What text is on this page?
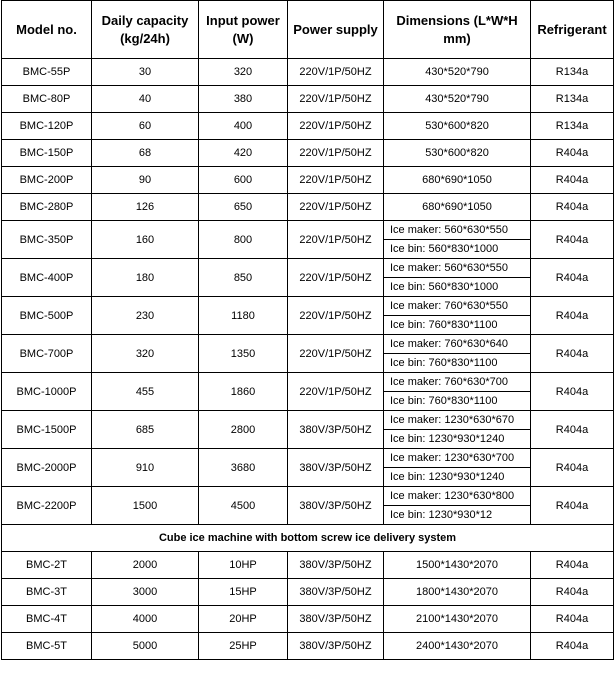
Model no.	Daily capacity (kg/24h)	Input power (W)	Power supply	Dimensions (L*W*H mm)	Refrigerant
BMC-55P	30	320	220V/1P/50HZ	430*520*790	R134a
BMC-80P	40	380	220V/1P/50HZ	430*520*790	R134a
BMC-120P	60	400	220V/1P/50HZ	530*600*820	R134a
BMC-150P	68	420	220V/1P/50HZ	530*600*820	R404a
BMC-200P	90	600	220V/1P/50HZ	680*690*1050	R404a
BMC-280P	126	650	220V/1P/50HZ	680*690*1050	R404a
BMC-350P	160	800	220V/1P/50HZ	Ice maker: 560*630*550	R404a
				Ice bin: 560*830*1000	
BMC-400P	180	850	220V/1P/50HZ	Ice maker: 560*630*550	R404a
				Ice bin: 560*830*1000	
BMC-500P	230	1180	220V/1P/50HZ	Ice maker: 760*630*550	R404a
				Ice bin: 760*830*1100	
BMC-700P	320	1350	220V/1P/50HZ	Ice maker: 760*630*640	R404a
				Ice bin: 760*830*1100	
BMC-1000P	455	1860	220V/1P/50HZ	Ice maker: 760*630*700	R404a
				Ice bin: 760*830*1100	
BMC-1500P	685	2800	380V/3P/50HZ	Ice maker: 1230*630*670	R404a
				Ice bin: 1230*930*1240	
BMC-2000P	910	3680	380V/3P/50HZ	Ice maker: 1230*630*700	R404a
				Ice bin: 1230*930*1240	
BMC-2200P	1500	4500	380V/3P/50HZ	Ice maker: 1230*630*800	R404a
				Ice bin: 1230*930*12	
Cube ice machine with bottom screw ice delivery system					
BMC-2T	2000	10HP	380V/3P/50HZ	1500*1430*2070	R404a
BMC-3T	3000	15HP	380V/3P/50HZ	1800*1430*2070	R404a
BMC-4T	4000	20HP	380V/3P/50HZ	2100*1430*2070	R404a
BMC-5T	5000	25HP	380V/3P/50HZ	2400*1430*2070	R404a
